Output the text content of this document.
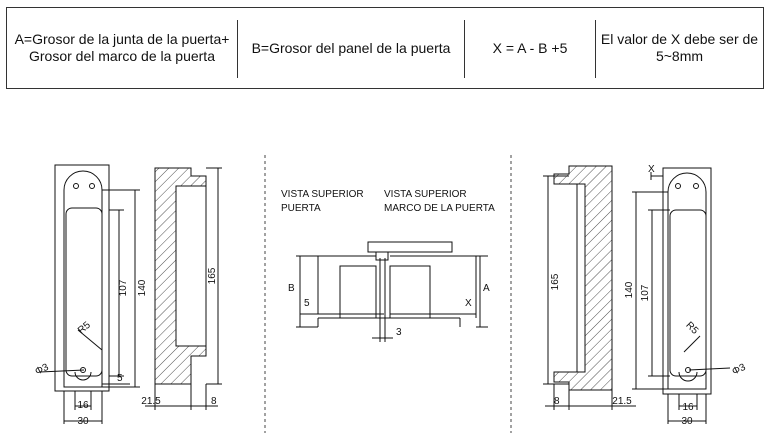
A=Grosor de la junta de la puerta+
Grosor del marco de la puerta
B=Grosor del panel de la puerta	X = A - B +5
El valor de X debe ser de
5~8mm
107 140
165
R5
Φ3
5
16
30
21.5	8
VISTA SUPERIOR
PUERTA
VISTA SUPERIOR
MARCO DE LA PUERTA
B	A
5	X
3
X
107
140
165
R5
Φ3
8	21.5
16
30
